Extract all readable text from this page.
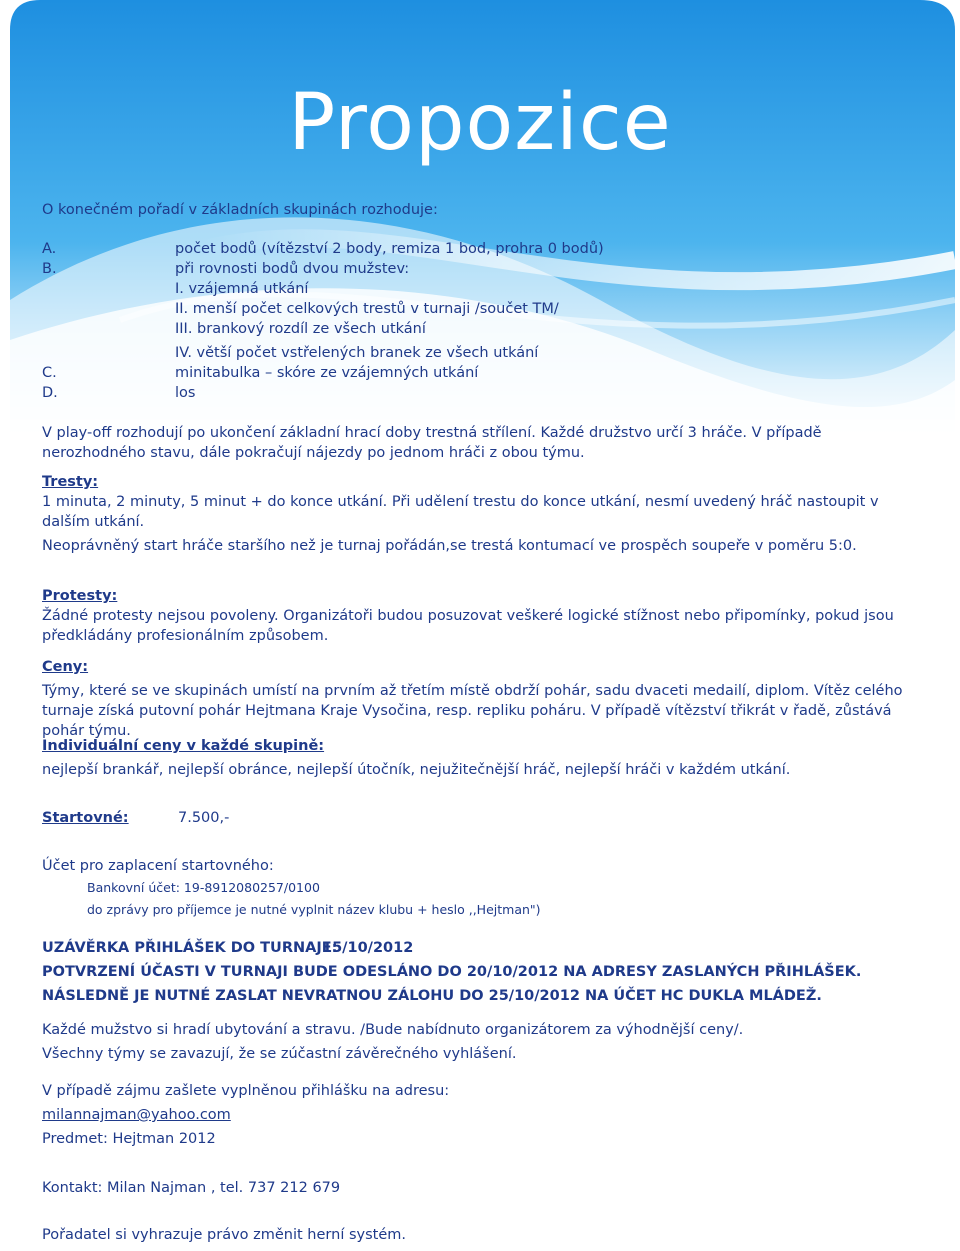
Propozice
O konečném pořadí v základních skupinách rozhoduje:
A.	počet bodů (vítězství 2 body, remiza 1 bod, prohra 0 bodů)
B.	při rovnosti bodů dvou mužstev:
I. vzájemná utkání
II. menší počet celkových trestů v turnaji /součet TM/
III. brankový rozdíl ze všech utkání
IV. větší počet vstřelených branek ze všech utkání
C.	minitabulka – skóre ze vzájemných utkání
D.	los
V play-off rozhodují po ukončení základní hrací doby trestná střílení. Každé družstvo určí 3 hráče. V případě nerozhodného stavu, dále pokračují nájezdy po jednom hráči z obou týmu.
Tresty:
1 minuta, 2 minuty, 5 minut + do konce utkání. Při udělení trestu do konce utkání, nesmí uvedený hráč nastoupit v dalším utkání.
Neoprávněný start hráče staršího než je turnaj pořádán,se trestá kontumací ve prospěch soupeře v poměru 5:0.
Protesty:
Žádné protesty nejsou povoleny. Organizátoři budou posuzovat veškeré logické stížnost nebo připomínky, pokud jsou předkládány profesionálním způsobem.
Ceny:
Týmy, které se ve skupinách umístí na prvním až třetím místě obdrží pohár, sadu dvaceti medailí, diplom. Vítěz celého turnaje získá putovní pohár Hejtmana Kraje Vysočina, resp. repliku poháru. V případě vítězství třikrát v řadě, zůstává pohár týmu.
Individuální ceny v každé skupině:
nejlepší brankář, nejlepší obránce, nejlepší útočník, nejužitečnější hráč, nejlepší hráči v každém utkání.
Startovné:	7.500,-
Účet pro zaplacení startovného:
Bankovní účet: 19-8912080257/0100
do zprávy pro příjemce je nutné vyplnit název klubu + heslo ,,Hejtman")
UZÁVĚRKA PŘIHLÁŠEK DO TURNAJE:
15/10/2012
POTVRZENÍ ÚČASTI V TURNAJI BUDE ODESLÁNO DO 20/10/2012 NA ADRESY ZASLANÝCH PŘIHLÁŠEK.
NÁSLEDNĚ JE NUTNÉ ZASLAT NEVRATNOU ZÁLOHU DO 25/10/2012 NA ÚČET HC DUKLA MLÁDEŽ.
Každé mužstvo si hradí ubytování a stravu. /Bude nabídnuto organizátorem za výhodnější ceny/.
Všechny týmy se zavazují, že se zúčastní závěrečného vyhlášení.
V případě zájmu zašlete vyplněnou přihlášku na adresu:
milannajman@yahoo.com
Predmet: Hejtman 2012
Kontakt: Milan Najman , tel. 737 212 679
Pořadatel si vyhrazuje právo změnit herní systém.
